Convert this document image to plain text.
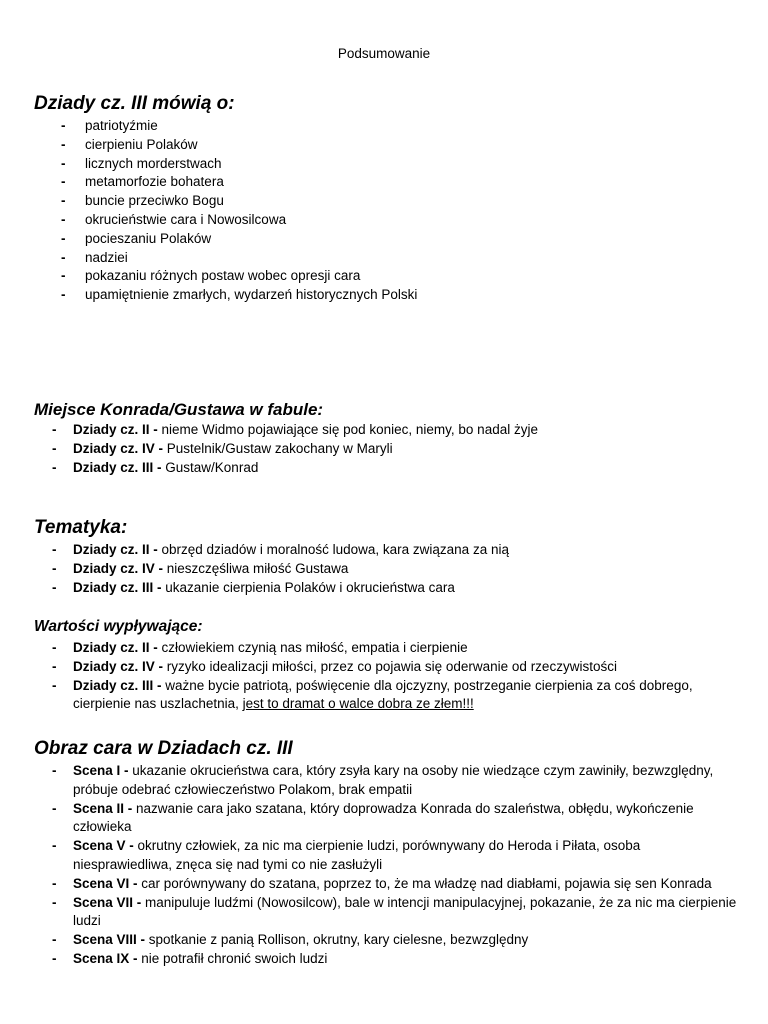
Podsumowanie
Dziady cz. III mówią o:
- patriotyźmie
- cierpieniu Polaków
- licznych morderstwach
- metamorfozie bohatera
- buncie przeciwko Bogu
- okrucieństwie cara i Nowosilcowa
- pocieszaniu Polaków
- nadziei
- pokazaniu różnych postaw wobec opresji cara
- upamiętnienie zmarłych, wydarzeń historycznych Polski
Miejsce Konrada/Gustawa w fabule:
- Dziady cz. II - nieme Widmo pojawiające się pod koniec, niemy, bo nadal żyje
- Dziady cz. IV - Pustelnik/Gustaw zakochany w Maryli
- Dziady cz. III - Gustaw/Konrad
Tematyka:
- Dziady cz. II - obrzęd dziadów i moralność ludowa, kara związana za nią
- Dziady cz. IV - nieszczęśliwa miłość Gustawa
- Dziady cz. III - ukazanie cierpienia Polaków i okrucieństwa cara
Wartości wypływające:
- Dziady cz. II - człowiekiem czynią nas miłość, empatia i cierpienie
- Dziady cz. IV - ryzyko idealizacji miłości, przez co pojawia się oderwanie od rzeczywistości
- Dziady cz. III - ważne bycie patriotą, poświęcenie dla ojczyzny, postrzeganie cierpienia za coś dobrego, cierpienie nas uszlachetnia, jest to dramat o walce dobra ze złem!!!
Obraz cara w Dziadach cz. III
- Scena I - ukazanie okrucieństwa cara, który zsyła kary na osoby nie wiedzące czym zawiniły, bezwzględny, próbuje odebrać człowieczeństwo Polakom, brak empatii
- Scena II - nazwanie cara jako szatana, który doprowadza Konrada do szaleństwa, obłędu, wykończenie człowieka
- Scena V - okrutny człowiek, za nic ma cierpienie ludzi, porównywany do Heroda i Piłata, osoba niesprawiedliwa, znęca się nad tymi co nie zasłużyli
- Scena VI - car porównywany do szatana, poprzez to, że ma władzę nad diabłami, pojawia się sen Konrada
- Scena VII - manipuluje ludźmi (Nowosilcow), bale w intencji manipulacyjnej, pokazanie, że za nic ma cierpienie ludzi
- Scena VIII - spotkanie z panią Rollison, okrutny, kary cielesne, bezwzględny
- Scena IX - nie potrafił chronić swoich ludzi
